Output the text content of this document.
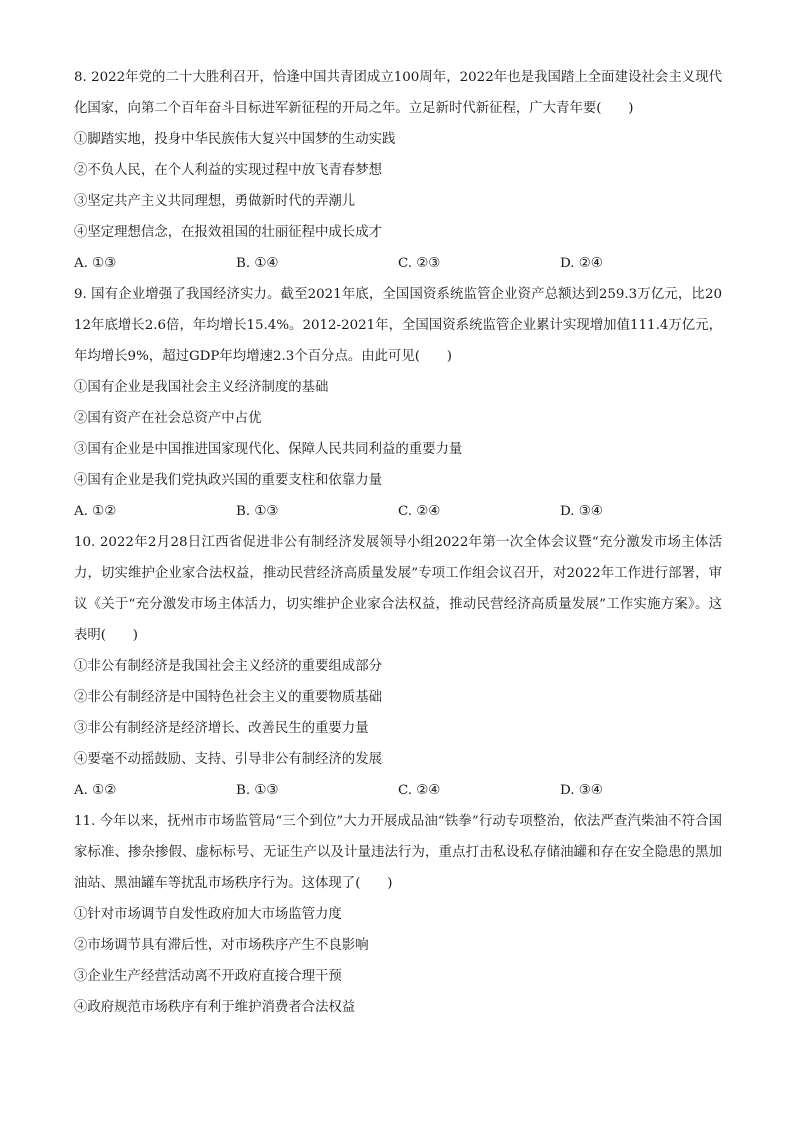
8. 2022年党的二十大胜利召开，恰逢中国共青团成立100周年，2022年也是我国踏上全面建设社会主义现代化国家，向第二个百年奋斗目标进军新征程的开局之年。立足新时代新征程，广大青年要(　　)

①脚踏实地，投身中华民族伟大复兴中国梦的生动实践

②不负人民，在个人利益的实现过程中放飞青春梦想

③坚定共产主义共同理想，勇做新时代的弄潮儿

④坚定理想信念，在报效祖国的壮丽征程中成长成才

A. ①③	B. ①④	C. ②③	D. ②④

9. 国有企业增强了我国经济实力。截至2021年底，全国国资系统监管企业资产总额达到259.3万亿元，比2012年底增长2.6倍，年均增长15.4%。2012-2021年，全国国资系统监管企业累计实现增加值111.4万亿元，年均增长9%，超过GDP年均增速2.3个百分点。由此可见(　　)

①国有企业是我国社会主义经济制度的基础

②国有资产在社会总资产中占优

③国有企业是中国推进国家现代化、保障人民共同利益的重要力量

④国有企业是我们党执政兴国的重要支柱和依靠力量

A. ①②	B. ①③	C. ②④	D. ③④

10. 2022年2月28日江西省促进非公有制经济发展领导小组2022年第一次全体会议暨“充分激发市场主体活力，切实维护企业家合法权益，推动民营经济高质量发展”专项工作组会议召开，对2022年工作进行部署，审议《关于“充分激发市场主体活力，切实维护企业家合法权益，推动民营经济高质量发展”工作实施方案》。这表明(　　)

①非公有制经济是我国社会主义经济的重要组成部分

②非公有制经济是中国特色社会主义的重要物质基础

③非公有制经济是经济增长、改善民生的重要力量

④要毫不动摇鼓励、支持、引导非公有制经济的发展

A. ①②	B. ①③	C. ②④	D. ③④

11. 今年以来，抚州市市场监管局“三个到位”大力开展成品油“铁拳”行动专项整治，依法严查汽柴油不符合国家标准、掺杂掺假、虚标标号、无证生产以及计量违法行为，重点打击私设私存储油罐和存在安全隐患的黑加油站、黑油罐车等扰乱市场秩序行为。这体现了(　　)

①针对市场调节自发性政府加大市场监管力度

②市场调节具有滞后性，对市场秩序产生不良影响

③企业生产经营活动离不开政府直接合理干预

④政府规范市场秩序有利于维护消费者合法权益
